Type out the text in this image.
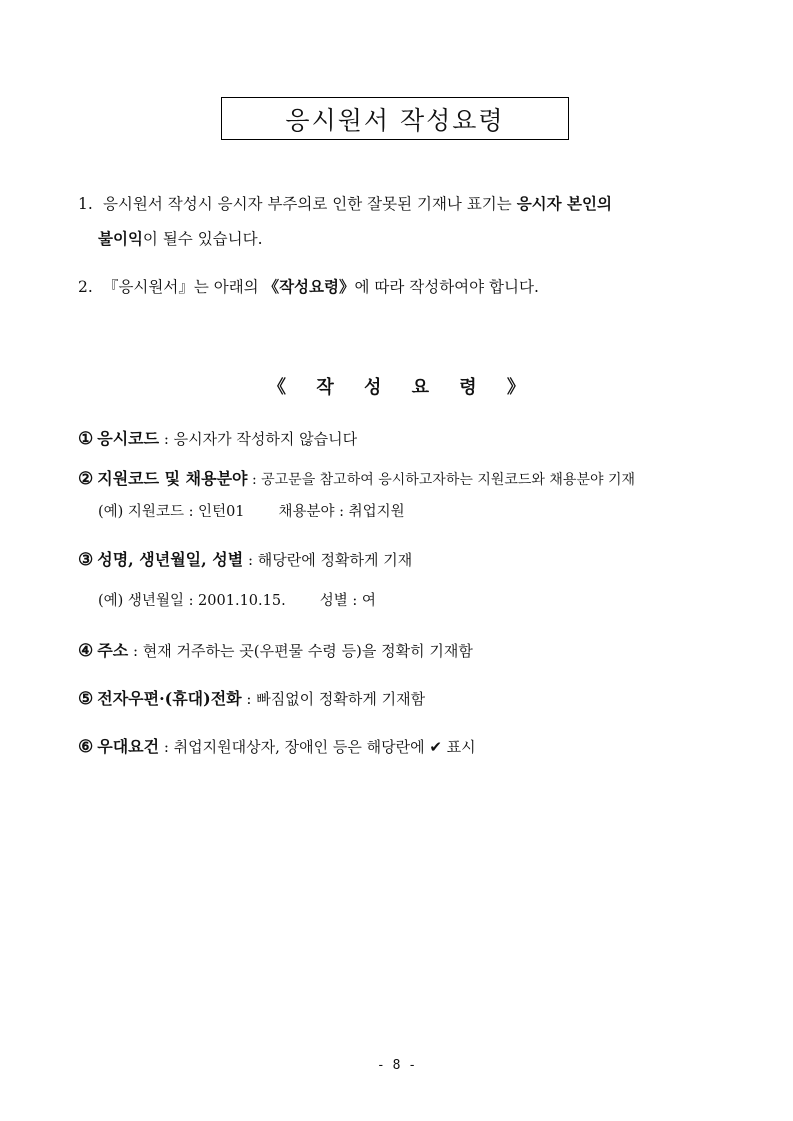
응시원서 작성요령
1. 응시원서 작성시 응시자 부주의로 인한 잘못된 기재나 표기는 응시자 본인의
불이익이 될수 있습니다.
2. 『응시원서』는 아래의 《작성요령》에 따라 작성하여야 합니다.
《 작 성 요 령 》
① 응시코드 : 응시자가 작성하지 않습니다
② 지원코드 및 채용분야 : 공고문을 참고하여 응시하고자하는 지원코드와 채용분야 기재
(예) 지원코드 : 인턴01 채용분야 : 취업지원
③ 성명, 생년월일, 성별 : 해당란에 정확하게 기재
(예) 생년월일 : 2001.10.15. 성별 : 여
④ 주소 : 현재 거주하는 곳(우편물 수령 등)을 정확히 기재함
⑤ 전자우편·(휴대)전화 : 빠짐없이 정확하게 기재함
⑥ 우대요건 : 취업지원대상자, 장애인 등은 해당란에 ✔ 표시
- 8 -
